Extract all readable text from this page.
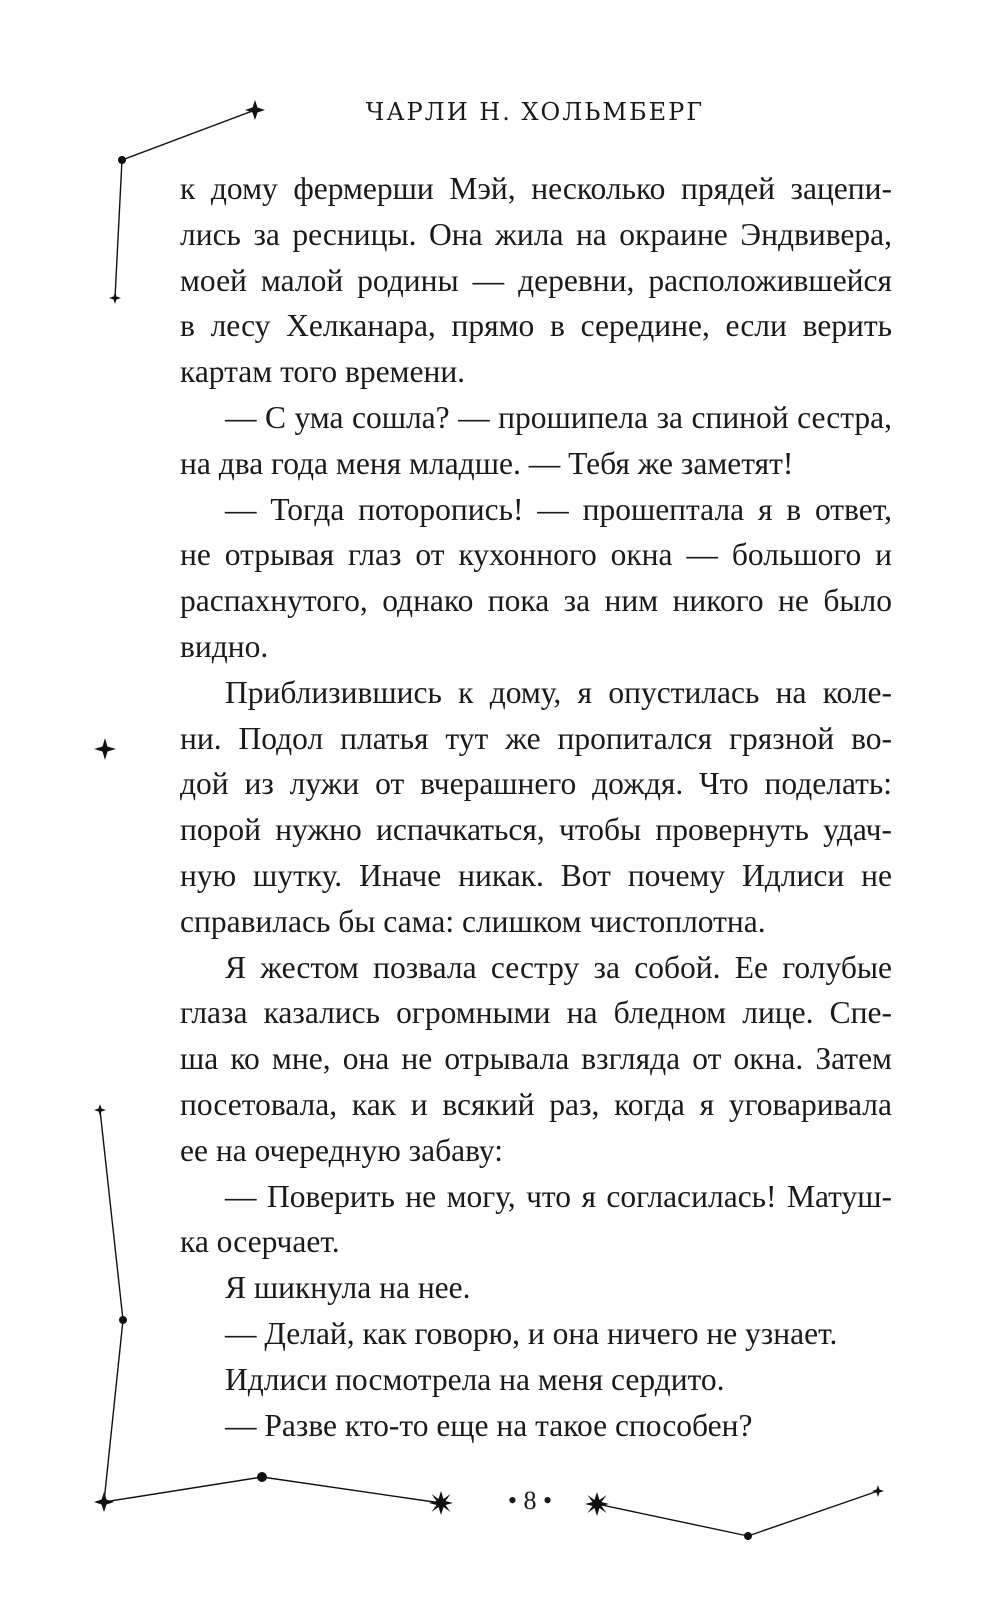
ЧАРЛИ Н. ХОЛЬМБЕРГ
к дому фермерши Мэй, несколько прядей зацепи-
лись за ресницы. Она жила на окраине Эндвивера,
моей малой родины — деревни, расположившейся
в лесу Хелканара, прямо в середине, если верить
картам того времени.
— С ума сошла? — прошипела за спиной сестра,
на два года меня младше. — Тебя же заметят!
— Тогда поторопись! — прошептала я в ответ,
не отрывая глаз от кухонного окна — большого и
распахнутого, однако пока за ним никого не было
видно.
Приблизившись к дому, я опустилась на коле-
ни. Подол платья тут же пропитался грязной во-
дой из лужи от вчерашнего дождя. Что поделать:
порой нужно испачкаться, чтобы провернуть удач-
ную шутку. Иначе никак. Вот почему Идлиси не
справилась бы сама: слишком чистоплотна.
Я жестом позвала сестру за собой. Ее голубые
глаза казались огромными на бледном лице. Спе-
ша ко мне, она не отрывала взгляда от окна. Затем
посетовала, как и всякий раз, когда я уговаривала
ее на очередную забаву:
— Поверить не могу, что я согласилась! Матуш-
ка осерчает.
Я шикнула на нее.
— Делай, как говорю, и она ничего не узнает.
Идлиси посмотрела на меня сердито.
— Разве кто-то еще на такое способен?
• 8 •
